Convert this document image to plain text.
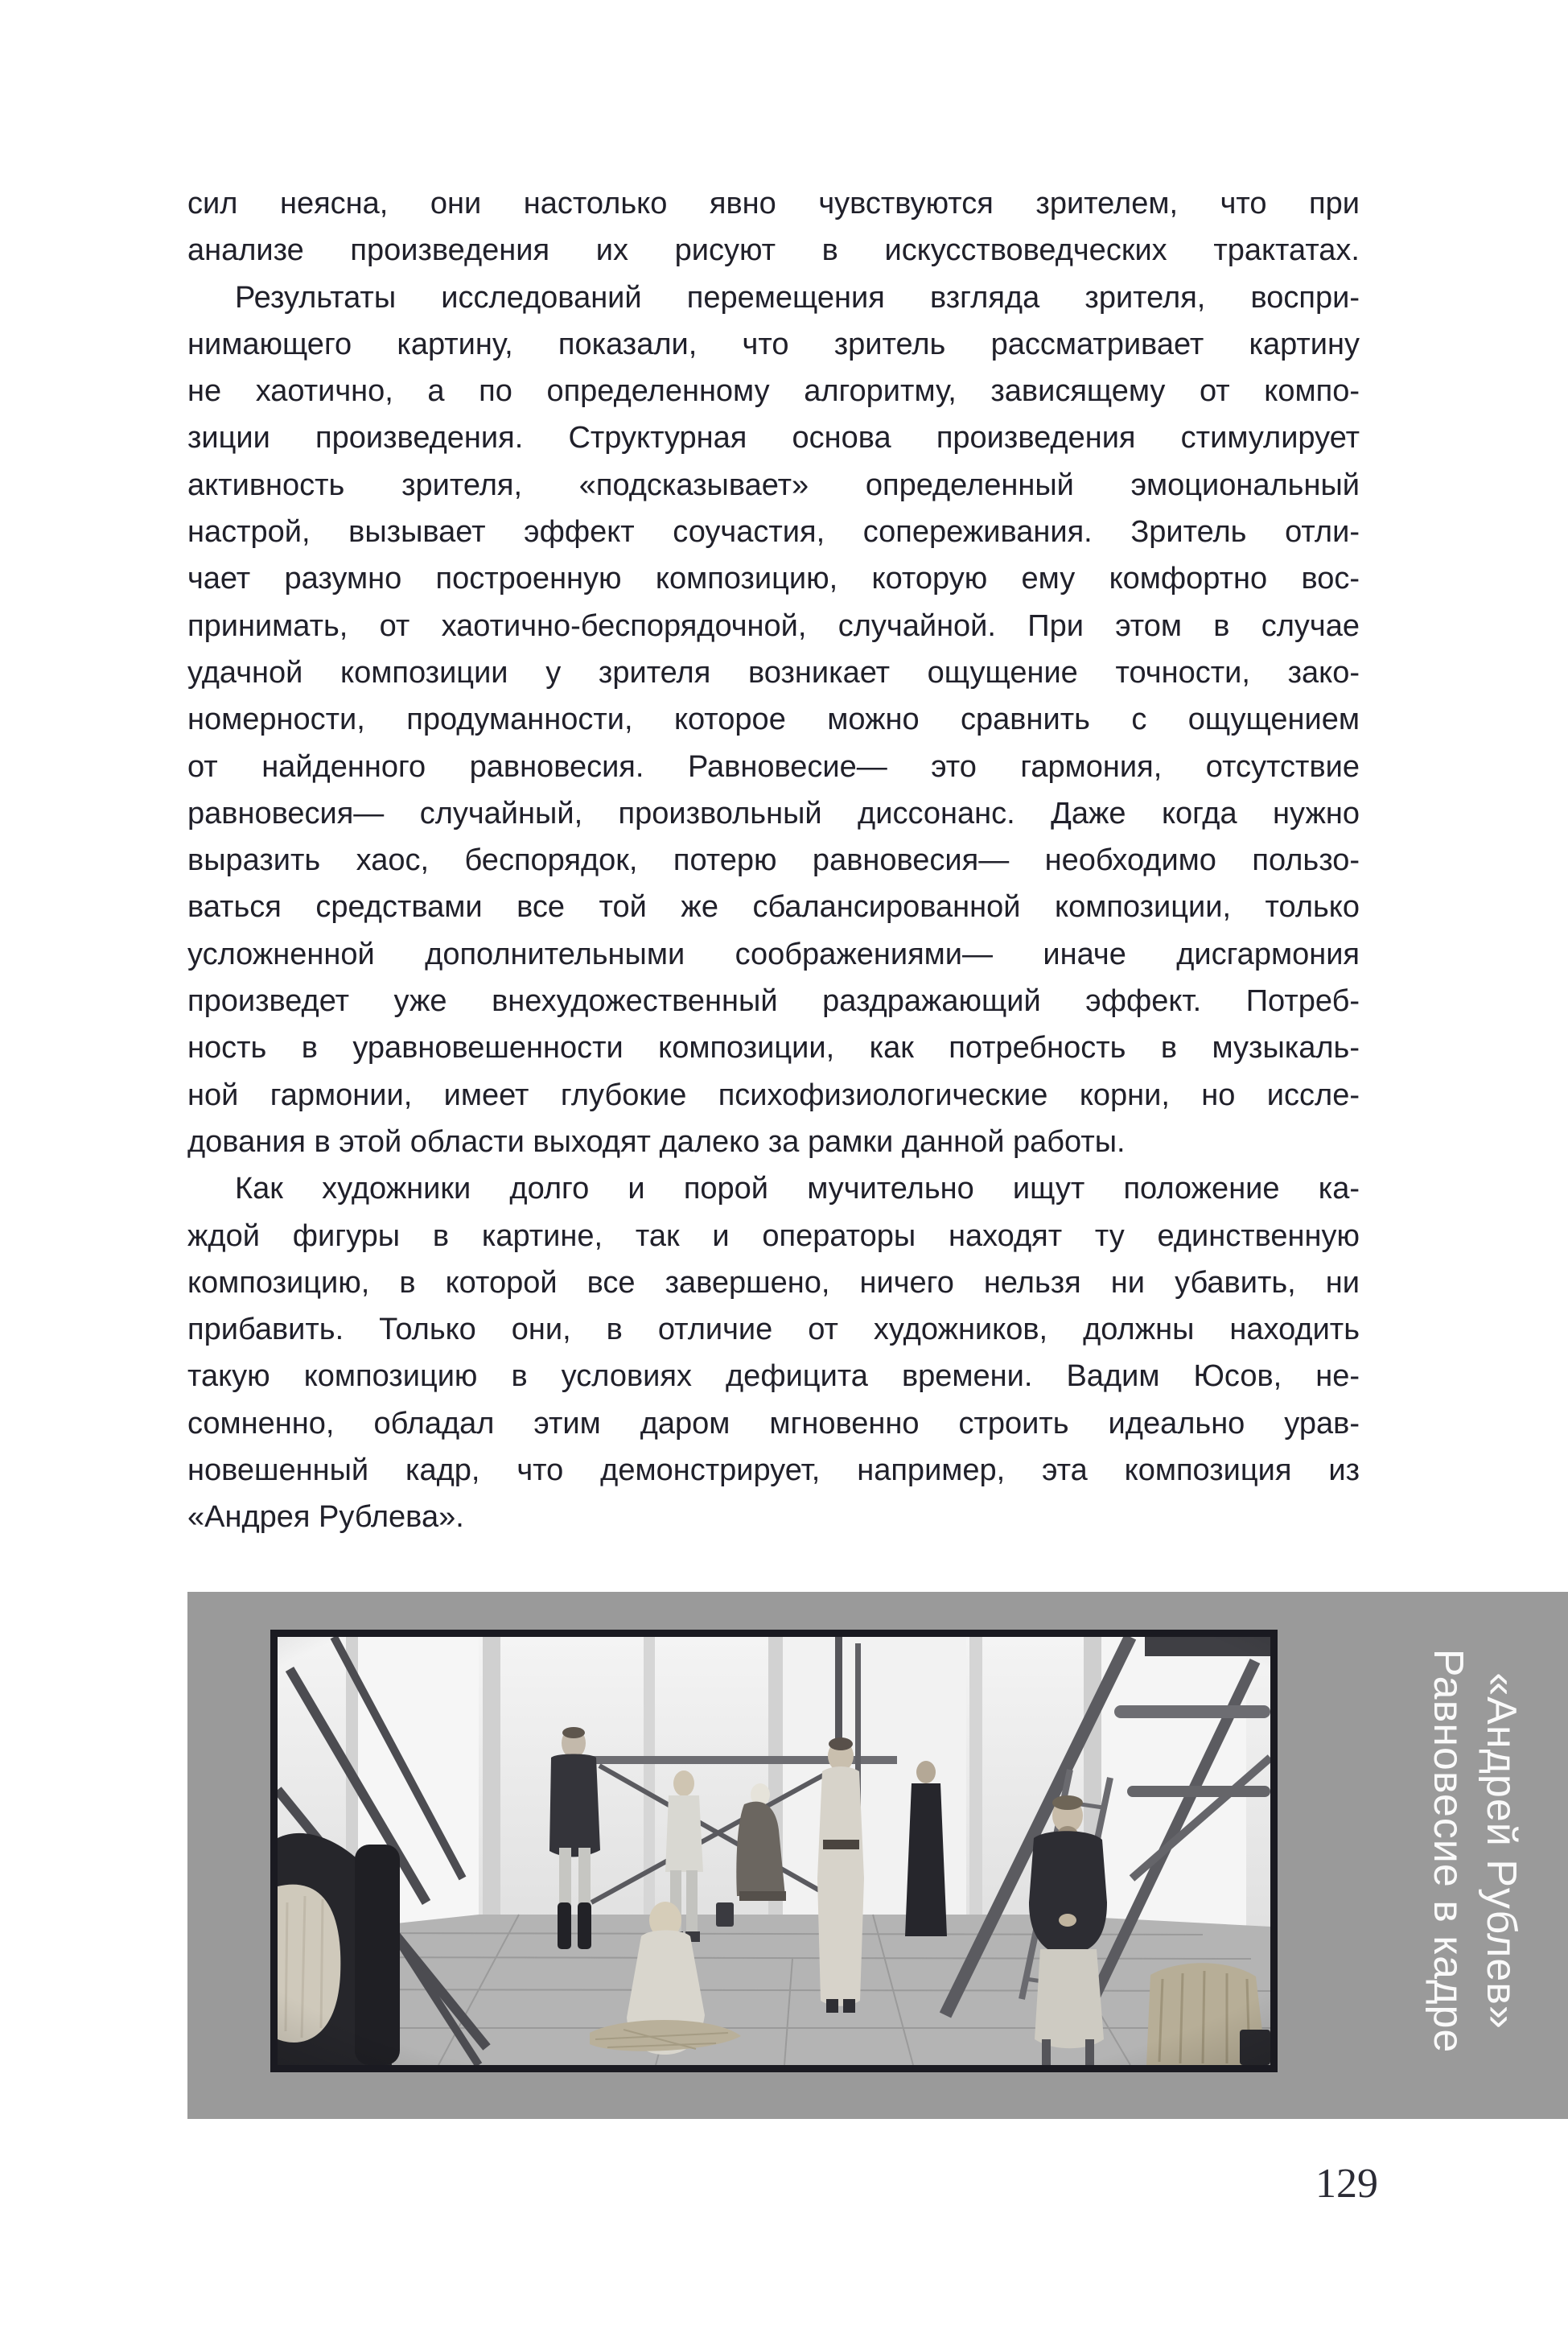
сил неясна, они настолько явно чувствуются зрителем, что при
анализе произведения их рисуют в искусствоведческих трактатах.
Результаты исследований перемещения взгляда зрителя, воспри-
нимающего картину, показали, что зритель рассматривает картину
не хаотично, а по определенному алгоритму, зависящему от компо-
зиции произведения. Структурная основа произведения стимулирует
активность зрителя, «подсказывает» определенный эмоциональный
настрой, вызывает эффект соучастия, сопереживания. Зритель отли-
чает разумно построенную композицию, которую ему комфортно вос-
принимать, от хаотично-беспорядочной, случайной. При этом в случае
удачной композиции у зрителя возникает ощущение точности, зако-
номерности, продуманности, которое можно сравнить с ощущением
от найденного равновесия. Равновесие— это гармония, отсутствие
равновесия— случайный, произвольный диссонанс. Даже когда нужно
выразить хаос, беспорядок, потерю равновесия— необходимо пользо-
ваться средствами все той же сбалансированной композиции, только
усложненной дополнительными соображениями— иначе дисгармония
произведет уже внехудожественный раздражающий эффект. Потреб-
ность в уравновешенности композиции, как потребность в музыкаль-
ной гармонии, имеет глубокие психофизиологические корни, но иссле-
дования в этой области выходят далеко за рамки данной работы.
Как художники долго и порой мучительно ищут положение ка-
ждой фигуры в картине, так и операторы находят ту единственную
композицию, в которой все завершено, ничего нельзя ни убавить, ни
прибавить. Только они, в отличие от художников, должны находить
такую композицию в условиях дефицита времени. Вадим Юсов, не-
сомненно, обладал этим даром мгновенно строить идеально урав-
новешенный кадр, что демонстрирует, например, эта композиция из
«Андрея Рублева».
«Андрей Рублев»
Равновесие в кадре
129
